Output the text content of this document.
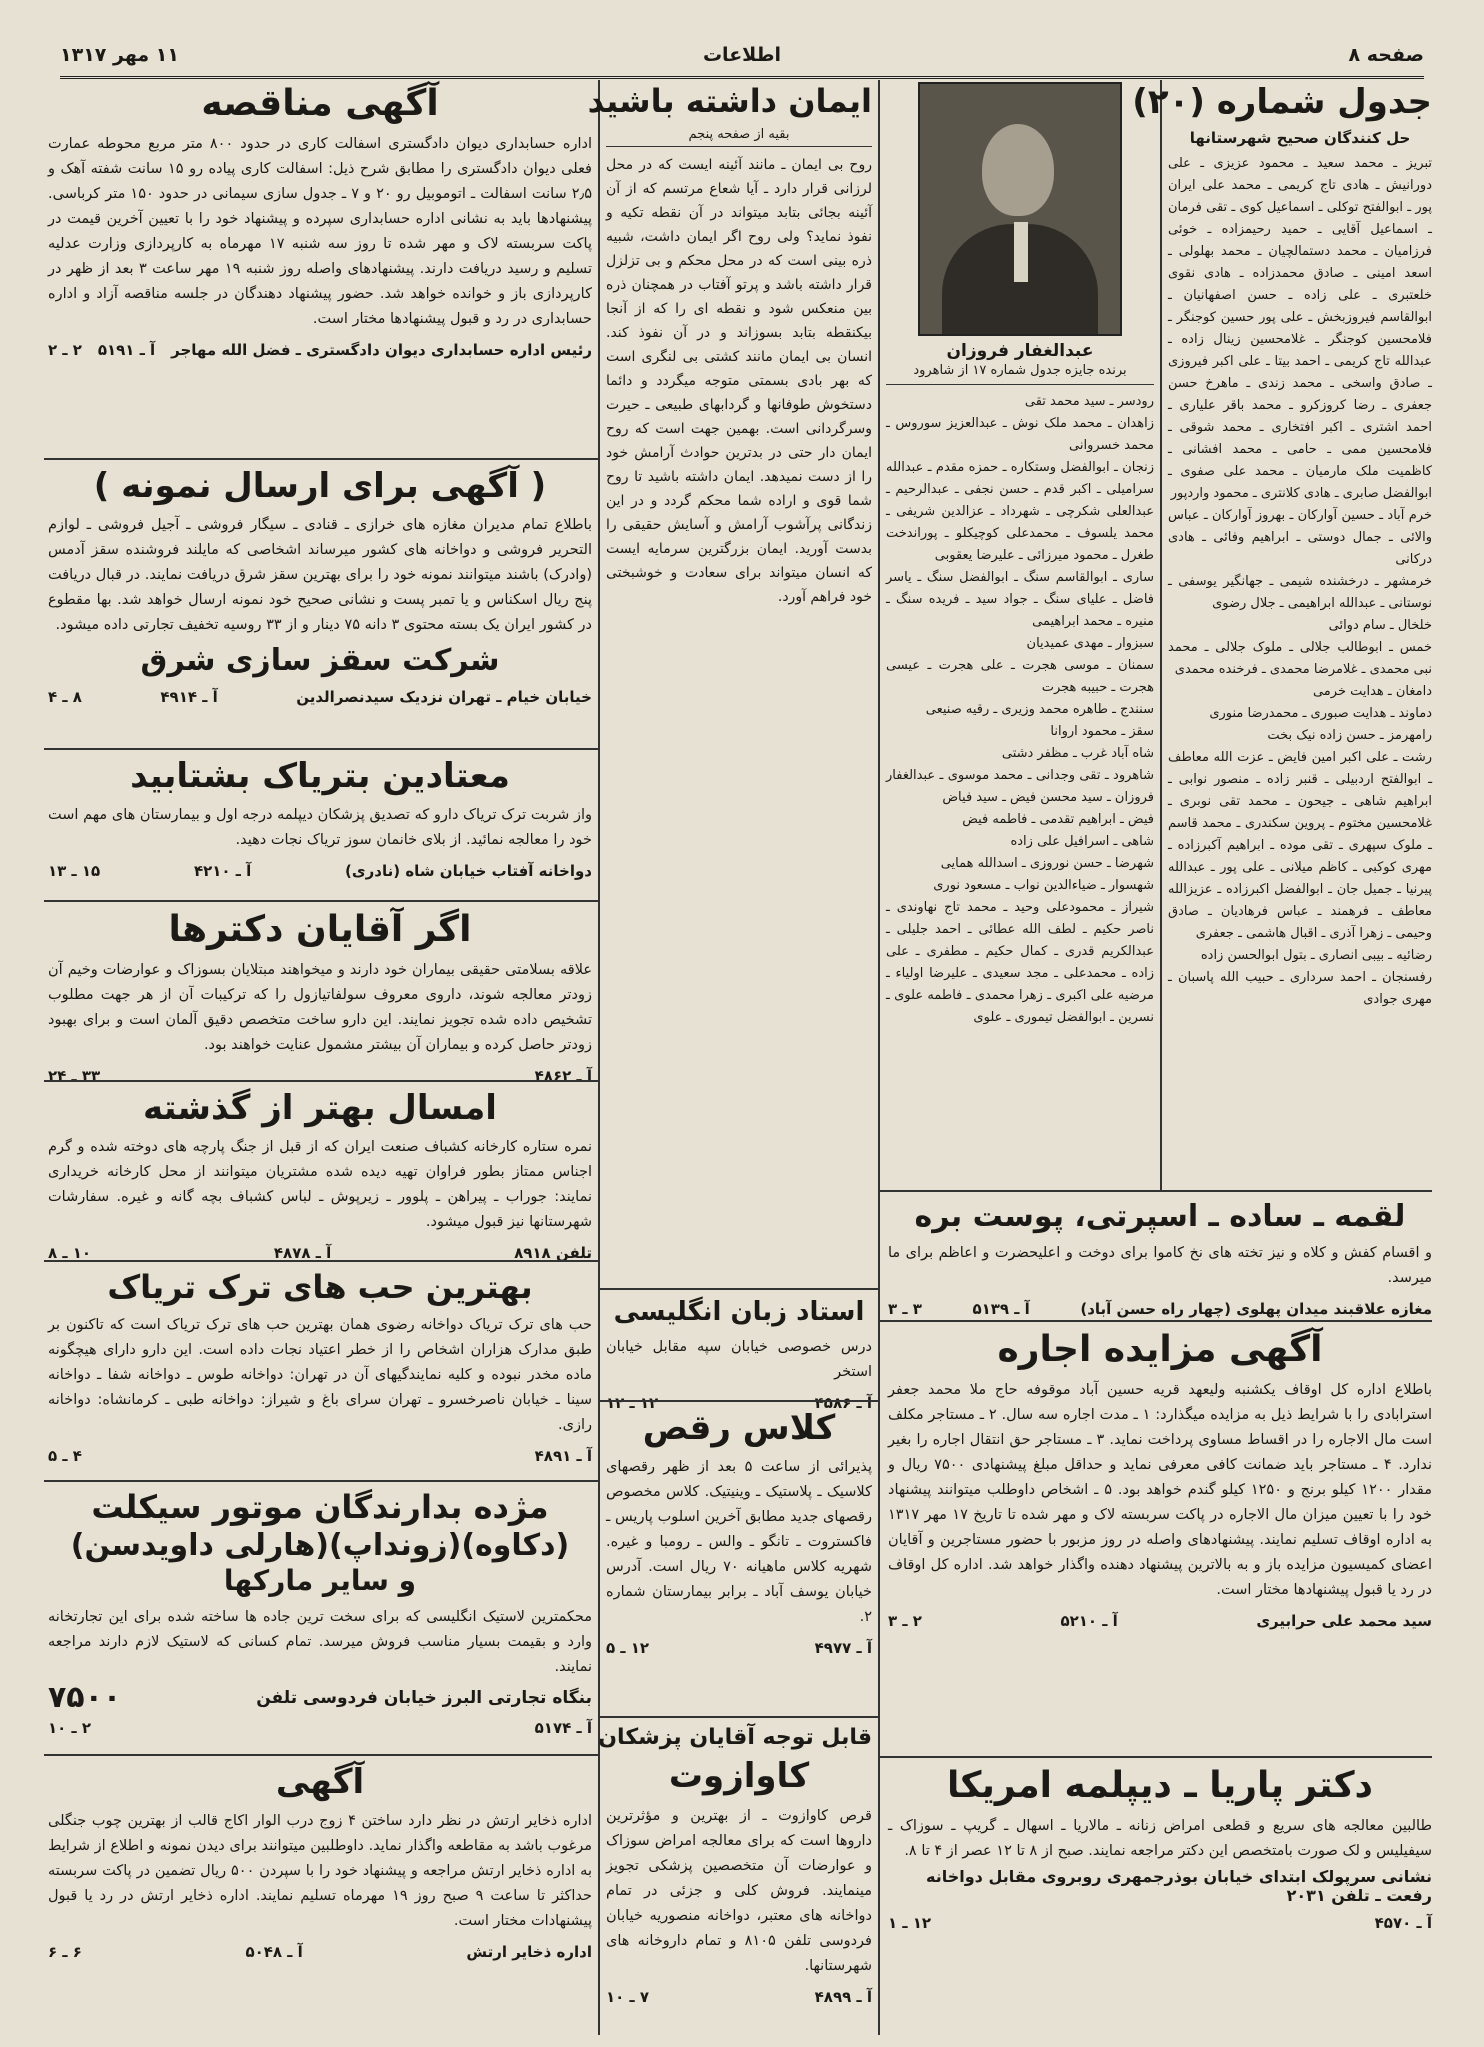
صفحه ۸
اطلاعات
۱۱ مهر ۱۳۱۷
جدول شماره (۲۰)
حل کنندگان صحیح شهرستانها

تبریز ـ محمد سعید ـ محمود عزیزی ـ علی دورانیش ـ هادی تاج کریمی ـ محمد علی ایران پور ـ ابوالفتح توکلی ـ اسماعیل کوی ـ تقی فرمان ـ اسماعیل آقایی ـ حمید رحیمزاده ـ خوئی فرزامیان ـ محمد دستمالچیان ـ محمد بهلولی ـ اسعد امینی ـ صادق محمدزاده ـ هادی نقوی خلعتبری ـ علی زاده ـ حسن اصفهانیان ـ ابوالقاسم فیروزبخش ـ علی پور حسین کوجنگر ـ فلامحسین کوجنگر ـ غلامحسین زینال زاده ـ عبدالله تاج کریمی ـ احمد بیتا ـ علی اکبر فیروزی ـ صادق واسخی ـ محمد زندی ـ ماهرخ حسن جعفری ـ رضا کروزکرو ـ محمد باقر علیاری ـ احمد اشتری ـ اکبر افتخاری ـ محمد شوقی ـ فلامحسین ممی ـ حامی ـ محمد افشانی ـ کاظمیت ملک مارمیان ـ محمد علی صفوی ـ ابوالفضل صابری ـ هادی کلانتری ـ محمود واردپور

خرم آباد ـ حسین آوارکان ـ بهروز آوارکان ـ عباس والائی ـ جمال دوستی ـ ابراهیم وفائی ـ هادی درکانی

خرمشهر ـ درخشنده شیمی ـ جهانگیر یوسفی ـ نوستانی ـ عبدالله ابراهیمی ـ جلال رضوی

خلخال ـ سام دوائی

خمس ـ ابوطالب جلالی ـ ملوک جلالی ـ محمد نبی محمدی ـ غلامرضا محمدی ـ فرخنده محمدی

دامغان ـ هدایت خرمی

دماوند ـ هدایت صبوری ـ محمدرضا منوری

رامهرمز ـ حسن زاده نیک بخت

رشت ـ علی اکبر امین فایض ـ عزت الله معاطف ـ ابوالفتح اردبیلی ـ قنبر زاده ـ منصور نوابی ـ ابراهیم شاهی ـ جیحون ـ محمد تقی نوبری ـ غلامحسین مختوم ـ پروین سکندری ـ محمد قاسم ـ ملوک سپهری ـ تقی موده ـ ابراهیم آکبرزاده ـ مهری کوکبی ـ کاظم میلانی ـ علی پور ـ عبدالله پیرنیا ـ جمیل جان ـ ابوالفضل اکبرزاده ـ عزیزالله معاطف ـ فرهمند ـ عباس فرهادیان ـ صادق وحیمی ـ زهرا آذری ـ اقبال هاشمی ـ جعفری

رضائیه ـ بیبی انصاری ـ بتول ابوالحسن زاده

رفسنجان ـ احمد سرداری ـ حبیب الله پاسبان ـ مهری جوادی

عبدالغفار فروزان
برنده جایزه جدول شماره ۱۷ از شاهرود

رودسر ـ سید محمد تقی

زاهدان ـ محمد ملک نوش ـ عبدالعزیز سوروس ـ محمد خسروانی

زنجان ـ ابوالفضل وستکاره ـ حمزه مقدم ـ عبدالله سرامیلی ـ اکبر قدم ـ حسن نجفی ـ عبدالرحیم ـ عبدالعلی شکرچی ـ شهرداد ـ عزالدین شریفی ـ محمد یلسوف ـ محمدعلی کوچیکلو ـ پوراندخت طغرل ـ محمود میرزائی ـ علیرضا یعقوبی

ساری ـ ابوالقاسم سنگ ـ ابوالفضل سنگ ـ یاسر فاضل ـ علیای سنگ ـ جواد سید ـ فریده سنگ ـ منیره ـ محمد ابراهیمی

سبزوار ـ مهدی عمیدیان

سمنان ـ موسی هجرت ـ علی هجرت ـ عیسی هجرت ـ حبیبه هجرت

سنندج ـ طاهره محمد وزیری ـ رقیه صنیعی

سقز ـ محمود اروانا

شاه آباد غرب ـ مظفر دشتی

شاهرود ـ تقی وجدانی ـ محمد موسوی ـ عبدالغفار فروزان ـ سید محسن فیض ـ سید فیاض

فیض ـ ابراهیم تقدمی ـ فاطمه فیض

شاهی ـ اسرافیل علی زاده

شهرضا ـ حسن نوروزی ـ اسدالله همایی

شهسوار ـ ضیاءالدین نواب ـ مسعود نوری

شیراز ـ محمودعلی وحید ـ محمد تاج نهاوندی ـ ناصر حکیم ـ لطف الله عطائی ـ احمد جلیلی ـ عبدالکریم قدری ـ کمال حکیم ـ مطفری ـ علی زاده ـ محمدعلی ـ مجد سعیدی ـ علیرضا اولیاء ـ مرضیه علی اکبری ـ زهرا محمدی ـ فاطمه علوی ـ نسرین ـ ابوالفضل تیموری ـ علوی

لقمه ـ ساده ـ اسپرتی، پوست بره

و اقسام کفش و کلاه و نیز تخته های نخ کاموا برای دوخت و اعلیحضرت و اعاظم برای ما میرسد.

مغازه علاقبند میدان پهلوی (چهار راه حسن آباد)
آ ـ ۵۱۳۹
۳ ـ ۳
آگهی مزایده اجاره

باطلاع اداره کل اوقاف یکشنبه ولیعهد قریه حسین آباد موقوفه حاج ملا محمد جعفر استرابادی را با شرایط ذیل به مزایده میگذارد: ۱ ـ مدت اجاره سه سال. ۲ ـ مستاجر مکلف است مال الاجاره را در اقساط مساوی پرداخت نماید. ۳ ـ مستاجر حق انتقال اجاره را بغیر ندارد. ۴ ـ مستاجر باید ضمانت کافی معرفی نماید و حداقل مبلغ پیشنهادی ۷۵۰۰ ریال و مقدار ۱۲۰۰ کیلو برنج و ۱۲۵۰ کیلو گندم خواهد بود. ۵ ـ اشخاص داوطلب میتوانند پیشنهاد خود را با تعیین میزان مال الاجاره در پاکت سربسته لاک و مهر شده تا تاریخ ۱۷ مهر ۱۳۱۷ به اداره اوقاف تسلیم نمایند. پیشنهادهای واصله در روز مزبور با حضور مستاجرین و آقایان اعضای کمیسیون مزایده باز و به بالاترین پیشنهاد دهنده واگذار خواهد شد. اداره کل اوقاف در رد یا قبول پیشنهادها مختار است.

سید محمد علی حرابیری
آ ـ ۵۲۱۰
۲ ـ ۳
دکتر پاریا ـ دیپلمه امریکا

طالبین معالجه های سریع و قطعی امراض زنانه ـ مالاریا ـ اسهال ـ گریپ ـ سوزاک ـ سیفیلیس و لک صورت بامتخصص این دکتر مراجعه نمایند. صبح از ۸ تا ۱۲ عصر از ۴ تا ۸.

نشانی سرپولک ابتدای خیابان بوذرجمهری روبروی مقابل دواخانه رفعت ـ تلفن ۲۰۳۱
آ ـ ۴۵۷۰
۱۲ ـ ۱
ایمان داشته باشید
بقیه از صفحه پنجم

روح بی ایمان ـ مانند آئینه ایست که در محل لرزانی قرار دارد ـ آیا شعاع مرتسم که از آن آئینه بجائی بتابد میتواند در آن نقطه تکیه و نفوذ نماید؟ ولی روح اگر ایمان داشت، شبیه ذره بینی است که در محل محکم و بی تزلزل قرار داشته باشد و پرتو آفتاب در همچنان ذره بین منعکس شود و نقطه ای را که از آنجا بیکنقطه بتابد بسوزاند و در آن نفوذ کند. انسان بی ایمان مانند کشتی بی لنگری است که بهر بادی بسمتی متوجه میگردد و دائما دستخوش طوفانها و گردابهای طبیعی ـ حیرت وسرگردانی است. بهمین جهت است که روح ایمان دار حتی در بدترین حوادث آرامش خود را از دست نمیدهد. ایمان داشته باشید تا روح شما قوی و اراده شما محکم گردد و در این زندگانی پرآشوب آرامش و آسایش حقیقی را بدست آورید. ایمان بزرگترین سرمایه ایست که انسان میتواند برای سعادت و خوشبختی خود فراهم آورد.

استاد زبان انگلیسی

درس خصوصی خیابان سپه مقابل خیابان استخر

آ ـ ۴۵۸۶
۱۲ ـ ۱۲
کلاس رقص

پذیرائی از ساعت ۵ بعد از ظهر رقصهای کلاسیک ـ پلاستیک ـ وینیتیک. کلاس مخصوص رقصهای جدید مطابق آخرین اسلوب پاریس ـ فاکستروت ـ تانگو ـ والس ـ رومبا و غیره. شهریه کلاس ماهیانه ۷۰ ریال است. آدرس خیابان یوسف آباد ـ برابر بیمارستان شماره ۲.

آ ـ ۴۹۷۷
۱۲ ـ ۵
قابل توجه آقایان پزشکان
کاوازوت

قرص کاوازوت ـ از بهترین و مؤثرترین داروها است که برای معالجه امراض سوزاک و عوارضات آن متخصصین پزشکی تجویز مینمایند. فروش کلی و جزئی در تمام دواخانه های معتبر، دواخانه منصوریه خیابان فردوسی تلفن ۸۱۰۵ و تمام داروخانه های شهرستانها.

آ ـ ۴۸۹۹
۷ ـ ۱۰
آگهی مناقصه

اداره حسابداری دیوان دادگستری اسفالت کاری در حدود ۸۰۰ متر مربع محوطه عمارت فعلی دیوان دادگستری را مطابق شرح ذیل: اسفالت کاری پیاده رو ۱۵ سانت شفته آهک و ۲٫۵ سانت اسفالت ـ اتوموبیل رو ۲۰ و ۷ ـ جدول سازی سیمانی در حدود ۱۵۰ متر کرباسی. پیشنهادها باید به نشانی اداره حسابداری سپرده و پیشنهاد خود را با تعیین آخرین قیمت در پاکت سربسته لاک و مهر شده تا روز سه شنبه ۱۷ مهرماه به کارپردازی وزارت عدلیه تسلیم و رسید دریافت دارند. پیشنهادهای واصله روز شنبه ۱۹ مهر ساعت ۳ بعد از ظهر در کارپردازی باز و خوانده خواهد شد. حضور پیشنهاد دهندگان در جلسه مناقصه آزاد و اداره حسابداری در رد و قبول پیشنهادها مختار است.

رئیس اداره حسابداری دیوان دادگستری ـ فضل الله مهاجر
آ ـ ۵۱۹۱
۲ ـ ۲
( آگهی برای ارسال نمونه )

باطلاع تمام مدیران مغازه های خرازی ـ قنادی ـ سیگار فروشی ـ آجیل فروشی ـ لوازم التحریر فروشی و دواخانه های کشور میرساند اشخاصی که مایلند فروشنده سقز آدمس (وادرک) باشند میتوانند نمونه خود را برای بهترین سقز شرق دریافت نمایند. در قبال دریافت پنج ریال اسکناس و یا تمبر پست و نشانی صحیح خود نمونه ارسال خواهد شد. بها مقطوع در کشور ایران یک بسته محتوی ۳ دانه ۷۵ دینار و از ۳۳ روسیه تخفیف تجارتی داده میشود.

شرکت سقز سازی شرق
خیابان خیام ـ تهران نزدیک سیدنصرالدین
آ ـ ۴۹۱۴
۸ ـ ۴
معتادین بتریاک بشتابید

واز شربت ترک تریاک دارو که تصدیق پزشکان دیپلمه درجه اول و بیمارستان های مهم است خود را معالجه نمائید. از بلای خانمان سوز تریاک نجات دهید.

دواخانه آفتاب خیابان شاه (نادری)
آ ـ ۴۲۱۰
۱۵ ـ ۱۳
اگر آقایان دکترها

علاقه بسلامتی حقیقی بیماران خود دارند و میخواهند مبتلایان بسوزاک و عوارضات وخیم آن زودتر معالجه شوند، داروی معروف سولفاتیازول را که ترکیبات آن از هر جهت مطلوب تشخیص داده شده تجویز نمایند. این دارو ساخت متخصص دقیق آلمان است و برای بهبود زودتر حاصل کرده و بیماران آن بیشتر مشمول عنایت خواهند بود.

آ ـ ۴۸۶۲
۳۳ ـ ۲۴
امسال بهتر از گذشته

نمره ستاره کارخانه کشباف صنعت ایران که از قبل از جنگ پارچه های دوخته شده و گرم اجناس ممتاز بطور فراوان تهیه دیده شده مشتریان میتوانند از محل کارخانه خریداری نمایند: جوراب ـ پیراهن ـ پلوور ـ زیرپوش ـ لباس کشباف بچه گانه و غیره. سفارشات شهرستانها نیز قبول میشود.

تلفن ۸۹۱۸
آ ـ ۴۸۷۸
۱۰ ـ ۸
بهترین حب های ترک تریاک

حب های ترک تریاک دواخانه رضوی همان بهترین حب های ترک تریاک است که تاکنون بر طبق مدارک هزاران اشخاص را از خطر اعتیاد نجات داده است. این دارو دارای هیچگونه ماده مخدر نبوده و کلیه نمایندگیهای آن در تهران: دواخانه طوس ـ دواخانه شفا ـ دواخانه سینا ـ خیابان ناصرخسرو ـ تهران سرای باغ و شیراز: دواخانه طبی ـ کرمانشاه: دواخانه رازی.

آ ـ ۴۸۹۱
۴ ـ ۵
مژده بدارندگان موتور سیکلت
(دکاوه)(زونداپ)(هارلی داویدسن)
و سایر مارکها

محکمترین لاستیک انگلیسی که برای سخت ترین جاده ها ساخته شده برای این تجارتخانه وارد و بقیمت بسیار مناسب فروش میرسد. تمام کسانی که لاستیک لازم دارند مراجعه نمایند.

بنگاه تجارتی البرز خیابان فردوسی تلفن
۷۵۰۰
آ ـ ۵۱۷۴
۲ ـ ۱۰
آگهی

اداره ذخایر ارتش در نظر دارد ساختن ۴ زوج درب الوار اکاج قالب از بهترین چوب جنگلی مرغوب باشد به مقاطعه واگذار نماید. داوطلبین میتوانند برای دیدن نمونه و اطلاع از شرایط به اداره ذخایر ارتش مراجعه و پیشنهاد خود را با سپردن ۵۰۰ ریال تضمین در پاکت سربسته حداکثر تا ساعت ۹ صبح روز ۱۹ مهرماه تسلیم نمایند. اداره ذخایر ارتش در رد یا قبول پیشنهادات مختار است.

اداره ذخایر ارتش
آ ـ ۵۰۴۸
۶ ـ ۶
